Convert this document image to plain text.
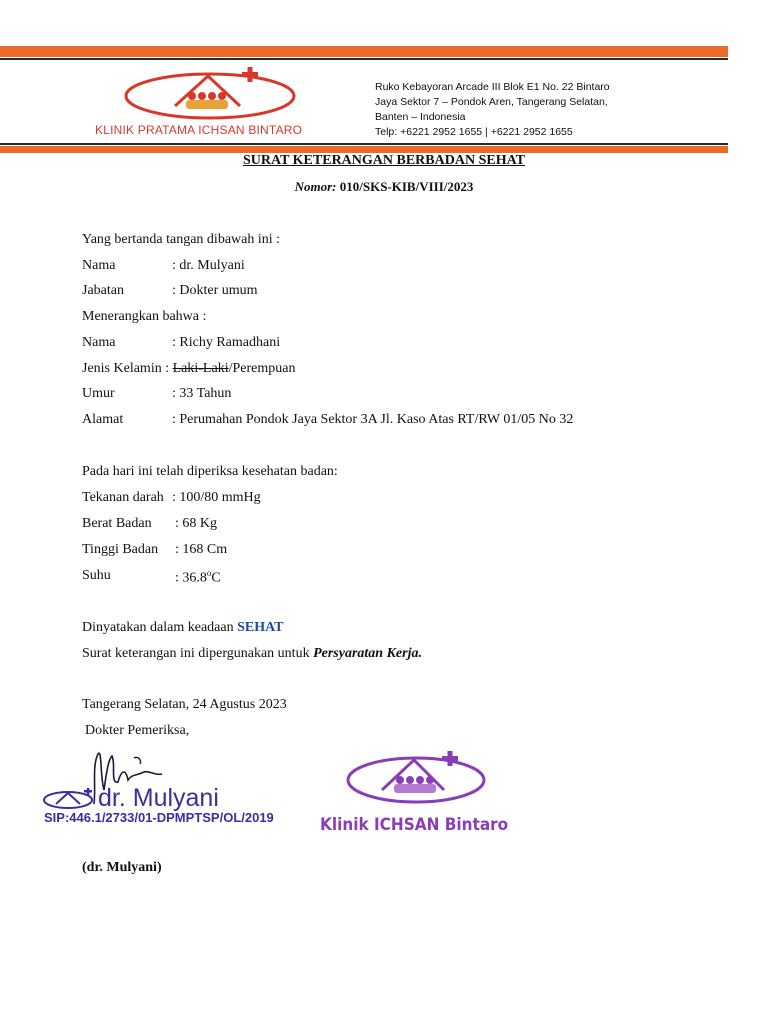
KLINIK PRATAMA ICHSAN BINTARO
Ruko Kebayoran Arcade III Blok E1 No. 22 Bintaro
Jaya Sektor 7 – Pondok Aren, Tangerang Selatan,
Banten – Indonesia
Telp: +6221 2952 1655 | +6221 2952 1655
SURAT KETERANGAN BERBADAN SEHAT
Nomor: 010/SKS-KIB/VIII/2023
Yang bertanda tangan dibawah ini :
Nama	: dr. Mulyani
Jabatan	: Dokter umum
Menerangkan bahwa :
Nama	: Richy Ramadhani
Jenis Kelamin : Laki-Laki/Perempuan
Umur	: 33 Tahun
Alamat	: Perumahan Pondok Jaya Sektor 3A Jl. Kaso Atas RT/RW 01/05 No 32
Pada hari ini telah diperiksa kesehatan badan:
Tekanan darah : 100/80 mmHg
Berat Badan : 68 Kg
Tinggi Badan : 168 Cm
Suhu	: 36.8$^o$C
Dinyatakan dalam keadaan SEHAT
Surat keterangan ini dipergunakan untuk Persyaratan Kerja.
Tangerang Selatan, 24 Agustus 2023
Dokter Pemeriksa,
dr. Mulyani
SIP:446.1/2733/01-DPMPTSP/OL/2019	Klinik ICHSAN Bintaro
(dr. Mulyani)
